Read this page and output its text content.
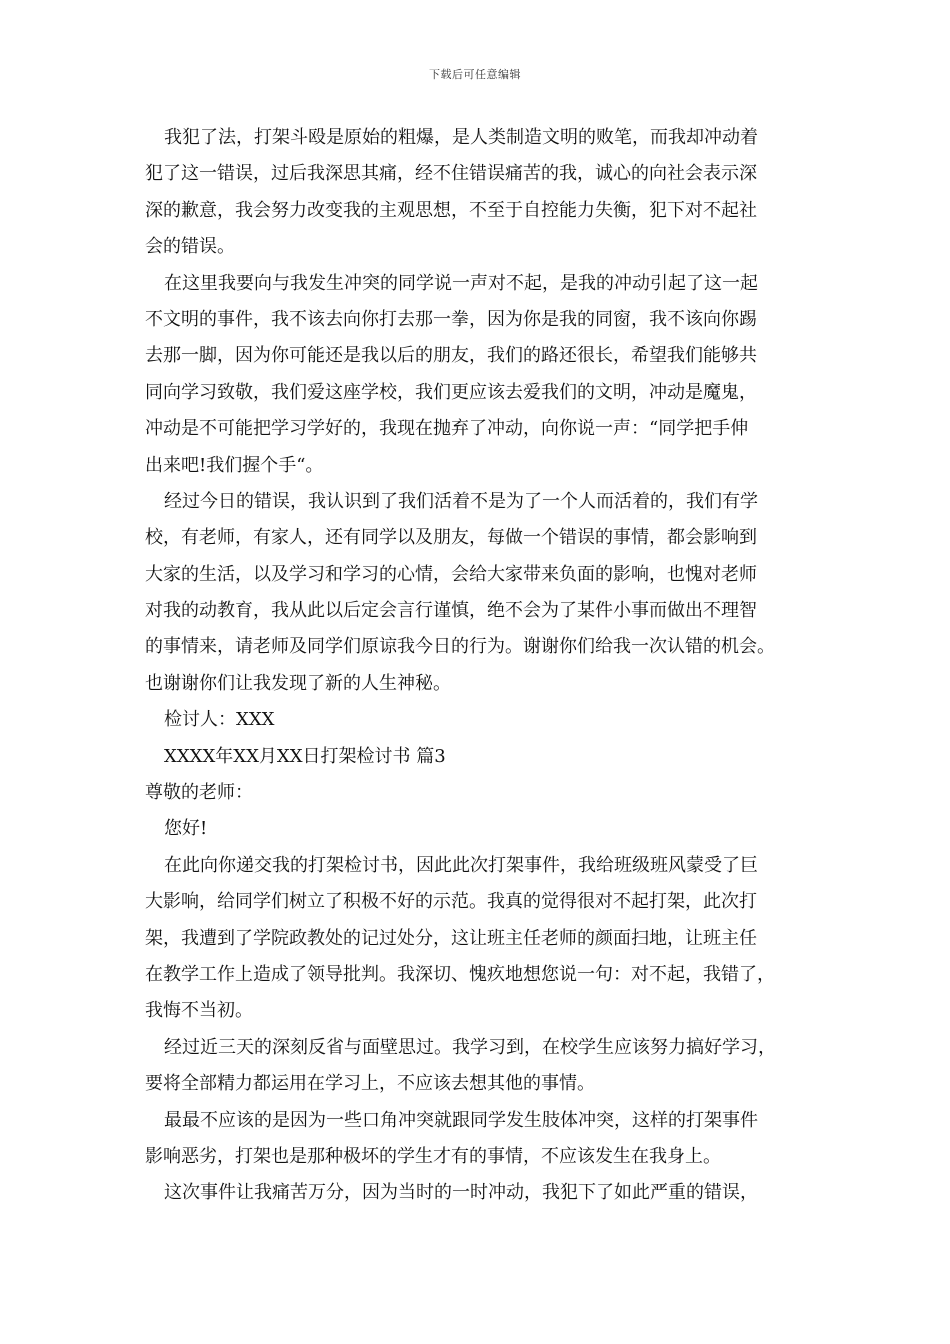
下载后可任意编辑
我犯了法，打架斗殴是原始的粗爆，是人类制造文明的败笔，而我却冲动着
犯了这一错误，过后我深思其痛，经不住错误痛苦的我，诚心的向社会表示深
深的歉意，我会努力改变我的主观思想，不至于自控能力失衡，犯下对不起社
会的错误。
在这里我要向与我发生冲突的同学说一声对不起，是我的冲动引起了这一起
不文明的事件，我不该去向你打去那一拳，因为你是我的同窗，我不该向你踢
去那一脚，因为你可能还是我以后的朋友，我们的路还很长，希望我们能够共
同向学习致敬，我们爱这座学校，我们更应该去爱我们的文明，冲动是魔鬼，
冲动是不可能把学习学好的，我现在抛弃了冲动，向你说一声：“同学把手伸
出来吧!我们握个手“。
经过今日的错误，我认识到了我们活着不是为了一个人而活着的，我们有学
校，有老师，有家人，还有同学以及朋友，每做一个错误的事情，都会影响到
大家的生活，以及学习和学习的心情，会给大家带来负面的影响，也愧对老师
对我的动教育，我从此以后定会言行谨慎，绝不会为了某件小事而做出不理智
的事情来，请老师及同学们原谅我今日的行为。谢谢你们给我一次认错的机会。
也谢谢你们让我发现了新的人生神秘。
检讨人：XXX
XXXX年XX月XX日打架检讨书 篇3
尊敬的老师：
您好!
在此向你递交我的打架检讨书，因此此次打架事件，我给班级班风蒙受了巨
大影响，给同学们树立了积极不好的示范。我真的觉得很对不起打架，此次打
架，我遭到了学院政教处的记过处分，这让班主任老师的颜面扫地，让班主任
在教学工作上造成了领导批判。我深切、愧疚地想您说一句：对不起，我错了，
我悔不当初。
经过近三天的深刻反省与面壁思过。我学习到，在校学生应该努力搞好学习，
要将全部精力都运用在学习上，不应该去想其他的事情。
最最不应该的是因为一些口角冲突就跟同学发生肢体冲突，这样的打架事件
影响恶劣，打架也是那种极坏的学生才有的事情，不应该发生在我身上。
这次事件让我痛苦万分，因为当时的一时冲动，我犯下了如此严重的错误，
